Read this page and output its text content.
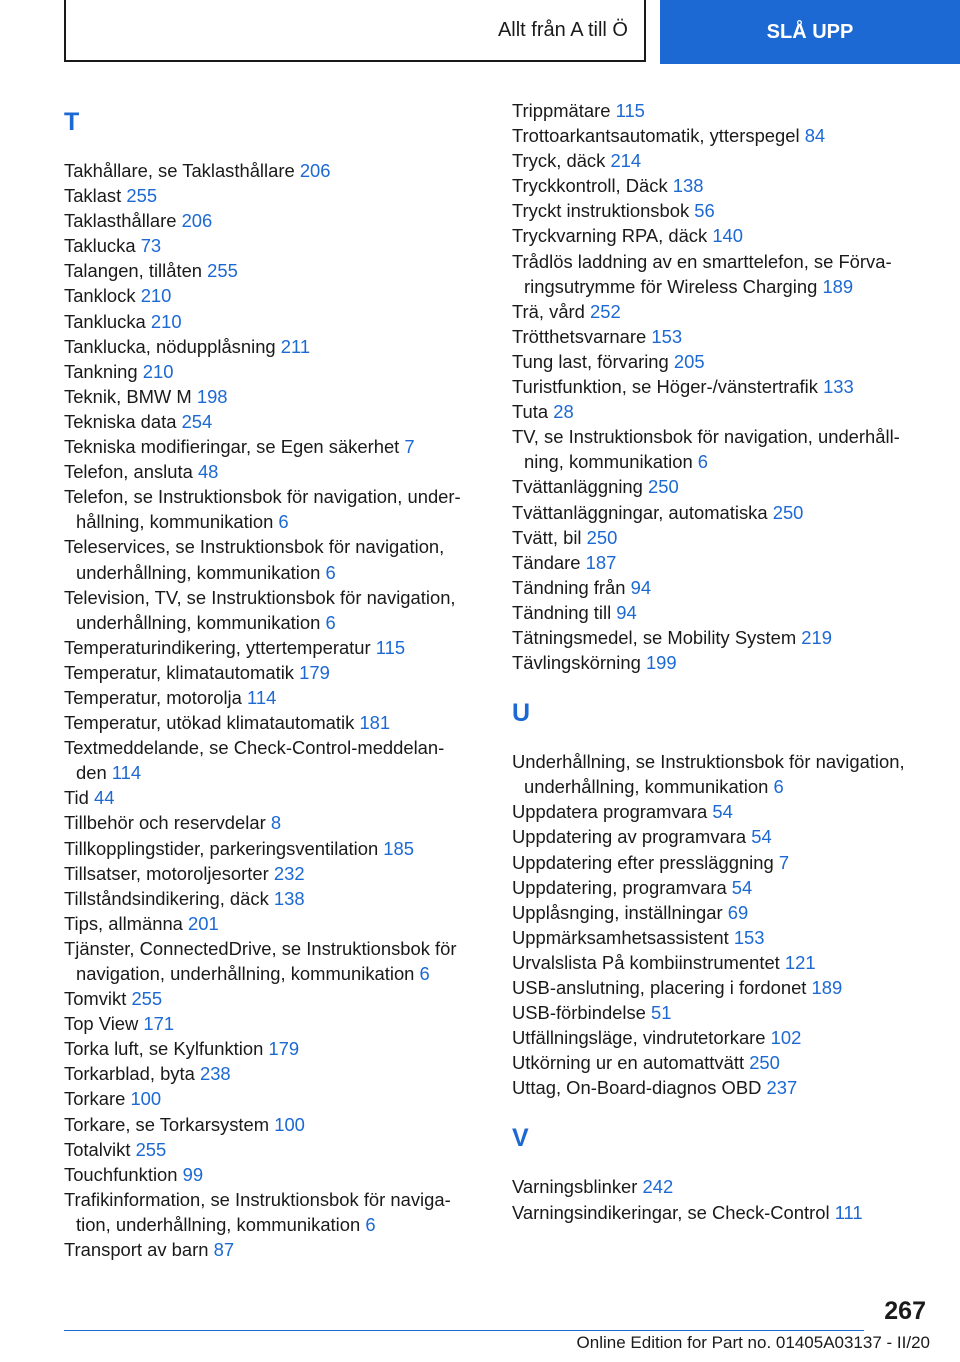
Allt från A till Ö	SLÅ UPP
T
Takhållare, se Taklasthållare 206
Taklast 255
Taklasthållare 206
Taklucka 73
Talangen, tillåten 255
Tanklock 210
Tanklucka 210
Tanklucka, nödupplåsning 211
Tankning 210
Teknik, BMW M 198
Tekniska data 254
Tekniska modifieringar, se Egen säkerhet 7
Telefon, ansluta 48
Telefon, se Instruktionsbok för navigation, under-
hållning, kommunikation 6
Teleservices, se Instruktionsbok för navigation,
underhållning, kommunikation 6
Television, TV, se Instruktionsbok för navigation,
underhållning, kommunikation 6
Temperaturindikering, yttertemperatur 115
Temperatur, klimatautomatik 179
Temperatur, motorolja 114
Temperatur, utökad klimatautomatik 181
Textmeddelande, se Check-Control-meddelan-
den 114
Tid 44
Tillbehör och reservdelar 8
Tillkopplingstider, parkeringsventilation 185
Tillsatser, motoroljesorter 232
Tillståndsindikering, däck 138
Tips, allmänna 201
Tjänster, ConnectedDrive, se Instruktionsbok för
navigation, underhållning, kommunikation 6
Tomvikt 255
Top View 171
Torka luft, se Kylfunktion 179
Torkarblad, byta 238
Torkare 100
Torkare, se Torkarsystem 100
Totalvikt 255
Touchfunktion 99
Trafikinformation, se Instruktionsbok för naviga-
tion, underhållning, kommunikation 6
Transport av barn 87
Trippmätare 115
Trottoarkantsautomatik, ytterspegel 84
Tryck, däck 214
Tryckkontroll, Däck 138
Tryckt instruktionsbok 56
Tryckvarning RPA, däck 140
Trådlös laddning av en smarttelefon, se Förva-
ringsutrymme för Wireless Charging 189
Trä, vård 252
Trötthetsvarnare 153
Tung last, förvaring 205
Turistfunktion, se Höger-/vänstertrafik 133
Tuta 28
TV, se Instruktionsbok för navigation, underhåll-
ning, kommunikation 6
Tvättanläggning 250
Tvättanläggningar, automatiska 250
Tvätt, bil 250
Tändare 187
Tändning från 94
Tändning till 94
Tätningsmedel, se Mobility System 219
Tävlingskörning 199
U
Underhållning, se Instruktionsbok för navigation,
underhållning, kommunikation 6
Uppdatera programvara 54
Uppdatering av programvara 54
Uppdatering efter pressläggning 7
Uppdatering, programvara 54
Upplåsnging, inställningar 69
Uppmärksamhetsassistent 153
Urvalslista På kombiinstrumentet 121
USB-anslutning, placering i fordonet 189
USB-förbindelse 51
Utfällningsläge, vindrutetorkare 102
Utkörning ur en automattvätt 250
Uttag, On-Board-diagnos OBD 237
V
Varningsblinker 242
Varningsindikeringar, se Check-Control 111
267
Online Edition for Part no. 01405A03137 - II/20
